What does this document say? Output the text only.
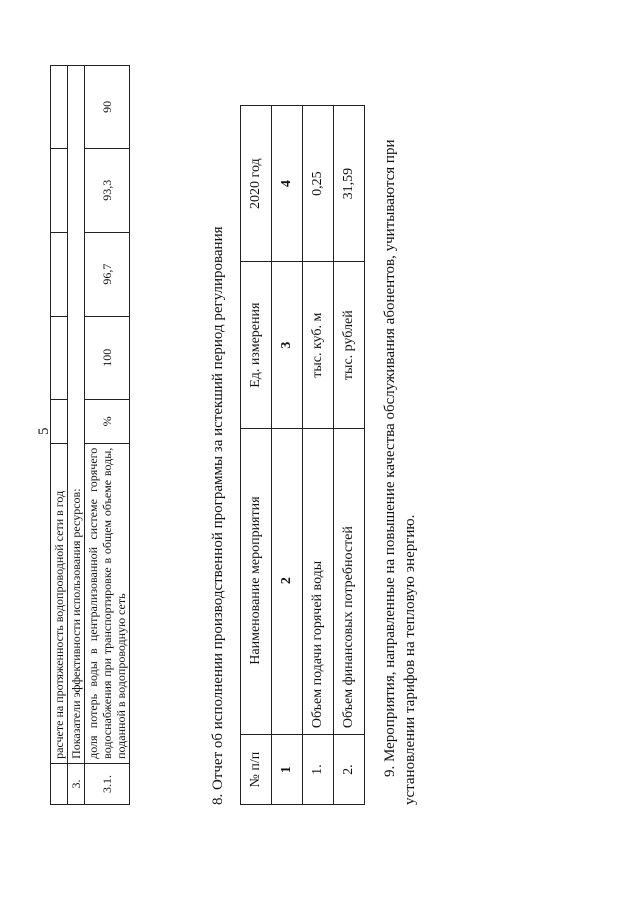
5
	расчете на протяженность водопроводной сети в год					
3.	Показатели эффективности использования ресурсов:					
3.1.	доля потерь воды в централизованной системе горячего водоснабжения при транспортировке в общем объеме воды, поданной в водопроводную сеть	%	100	96,7	93,3	90
8. Отчет об исполнении производственной программы за истекший период регулирования № п/п	Наименование мероприятия	Ед. измерения	2020 год
1	2	3	4
1.	Объем подачи горячей воды	тыс. куб. м	0,25
2.	Объем финансовых потребностей	тыс. рублей	31,59 9. Мероприятия, направленные на повышение качества обслуживания абонентов, учитываются при установлении тарифов на тепловую энергию.
